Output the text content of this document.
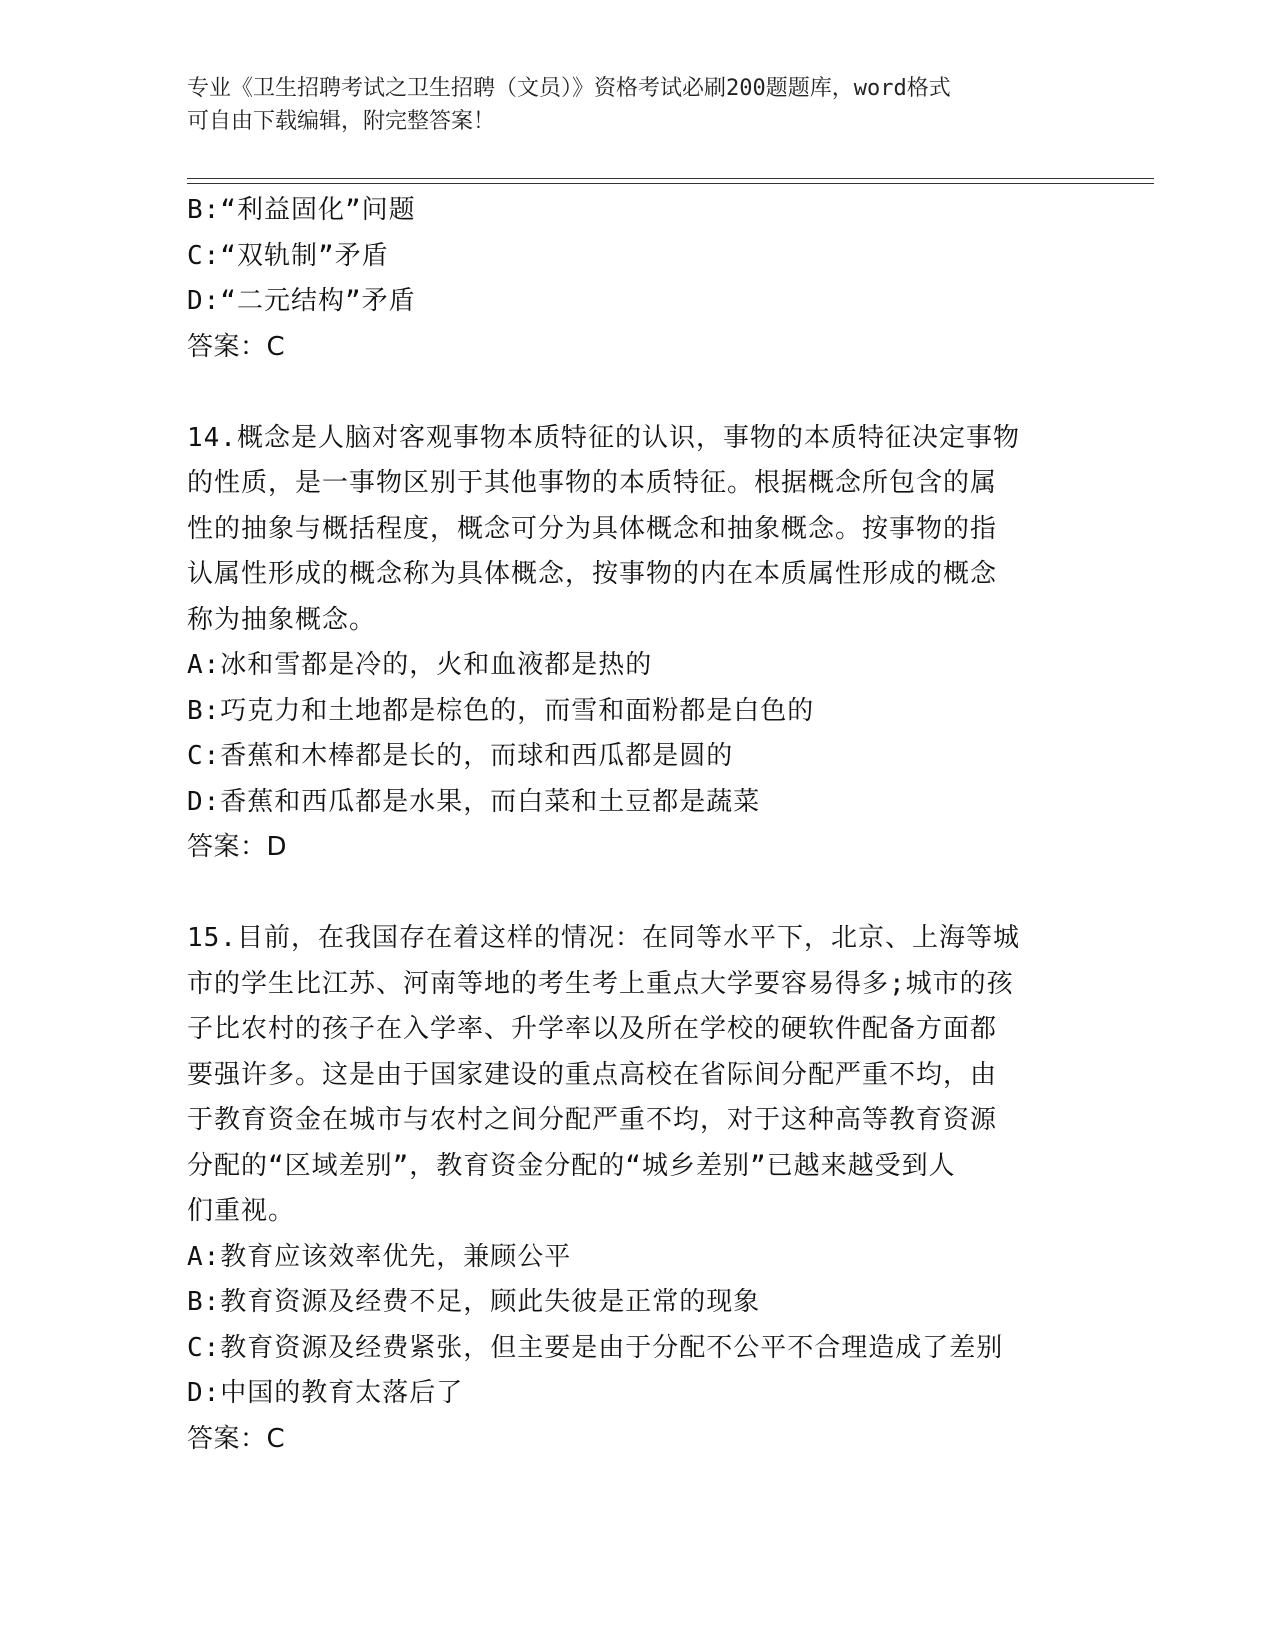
专业《卫生招聘考试之卫生招聘（文员）》资格考试必刷200题题库，word格式
可自由下载编辑，附完整答案！
B:“利益固化”问题
C:“双轨制”矛盾
D:“二元结构”矛盾
答案：C
14.概念是人脑对客观事物本质特征的认识，事物的本质特征决定事物
的性质，是一事物区别于其他事物的本质特征。根据概念所包含的属
性的抽象与概括程度，概念可分为具体概念和抽象概念。按事物的指
认属性形成的概念称为具体概念，按事物的内在本质属性形成的概念
称为抽象概念。
A:冰和雪都是冷的，火和血液都是热的
B:巧克力和土地都是棕色的，而雪和面粉都是白色的
C:香蕉和木棒都是长的，而球和西瓜都是圆的
D:香蕉和西瓜都是水果，而白菜和土豆都是蔬菜
答案：D
15.目前，在我国存在着这样的情况：在同等水平下，北京、上海等城
市的学生比江苏、河南等地的考生考上重点大学要容易得多;城市的孩
子比农村的孩子在入学率、升学率以及所在学校的硬软件配备方面都
要强许多。这是由于国家建设的重点高校在省际间分配严重不均，由
于教育资金在城市与农村之间分配严重不均，对于这种高等教育资源
分配的“区域差别”，教育资金分配的“城乡差别”已越来越受到人
们重视。
A:教育应该效率优先，兼顾公平
B:教育资源及经费不足，顾此失彼是正常的现象
C:教育资源及经费紧张，但主要是由于分配不公平不合理造成了差别
D:中国的教育太落后了
答案：C
